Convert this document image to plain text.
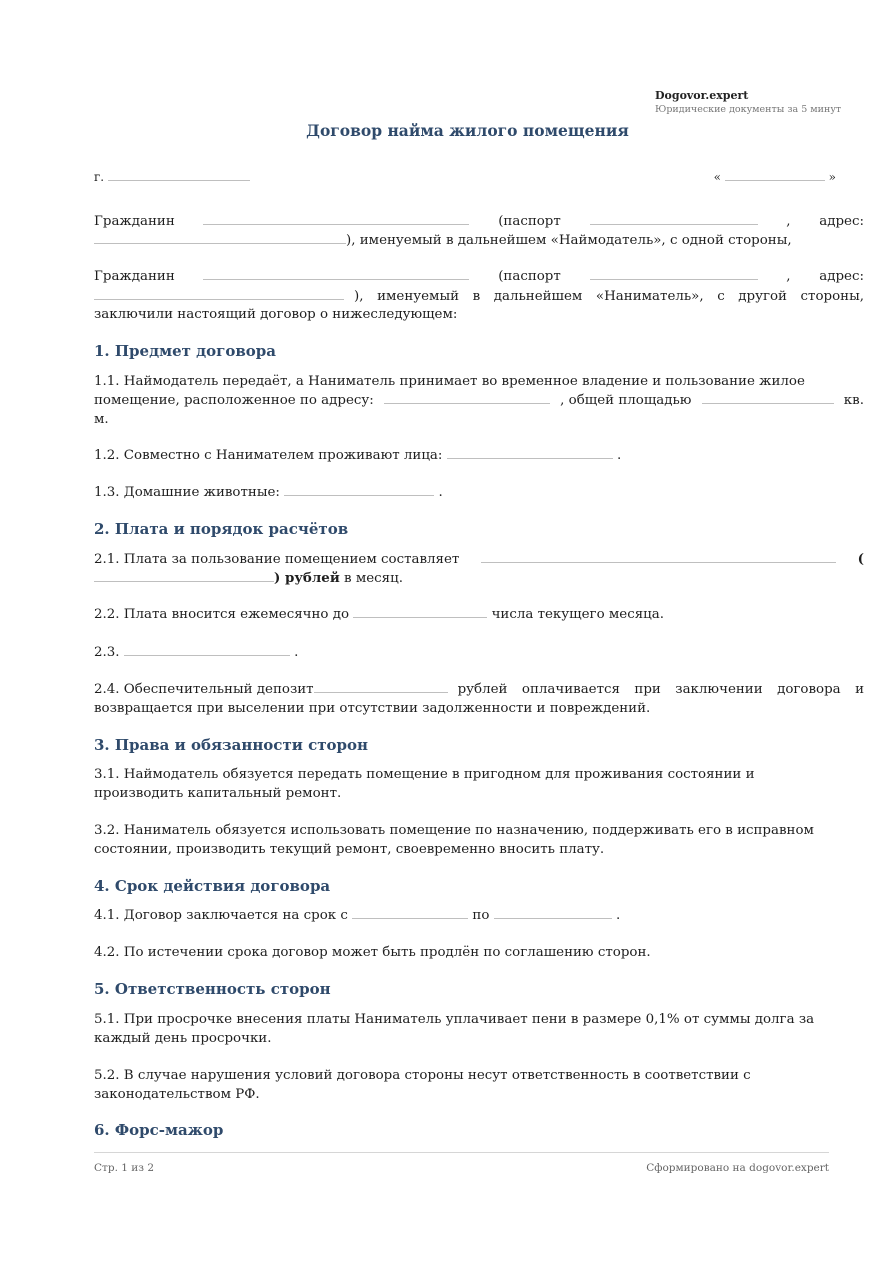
Dogovor.expert
Юридические документы за 5 минут
Договор найма жилого помещения
г.	«	»
Гражданин	(паспорт	, адрес:
), именуемый в дальнейшем «Наймодатель», с одной стороны,
Гражданин	(паспорт	, адрес:
), именуемый в дальнейшем «Наниматель», с другой стороны,
заключили настоящий договор о нижеследующем:
1. Предмет договора
1.1. Наймодатель передаёт, а Наниматель принимает во временное владение и пользование жилое
помещение, расположенное по адресу:	, общей площадью	кв.
м.
1.2. Совместно с Нанимателем проживают лица:	.
1.3. Домашние животные:	.
2. Плата и порядок расчётов
2.1. Плата за пользование помещением составляет	(
) рублей в месяц.
2.2. Плата вносится ежемесячно до	числа текущего месяца.
2.3.	.
2.4. Обеспечительный депозит	рублей оплачивается при заключении договора и
возвращается при выселении при отсутствии задолженности и повреждений.
3. Права и обязанности сторон
3.1. Наймодатель обязуется передать помещение в пригодном для проживания состоянии и
производить капитальный ремонт.
3.2. Наниматель обязуется использовать помещение по назначению, поддерживать его в исправном
состоянии, производить текущий ремонт, своевременно вносить плату.
4. Срок действия договора
4.1. Договор заключается на срок с	по	.
4.2. По истечении срока договор может быть продлён по соглашению сторон.
5. Ответственность сторон
5.1. При просрочке внесения платы Наниматель уплачивает пени в размере 0,1% от суммы долга за
каждый день просрочки.
5.2. В случае нарушения условий договора стороны несут ответственность в соответствии с
законодательством РФ.
6. Форс-мажор
Стр. 1 из 2	Сформировано на dogovor.expert
